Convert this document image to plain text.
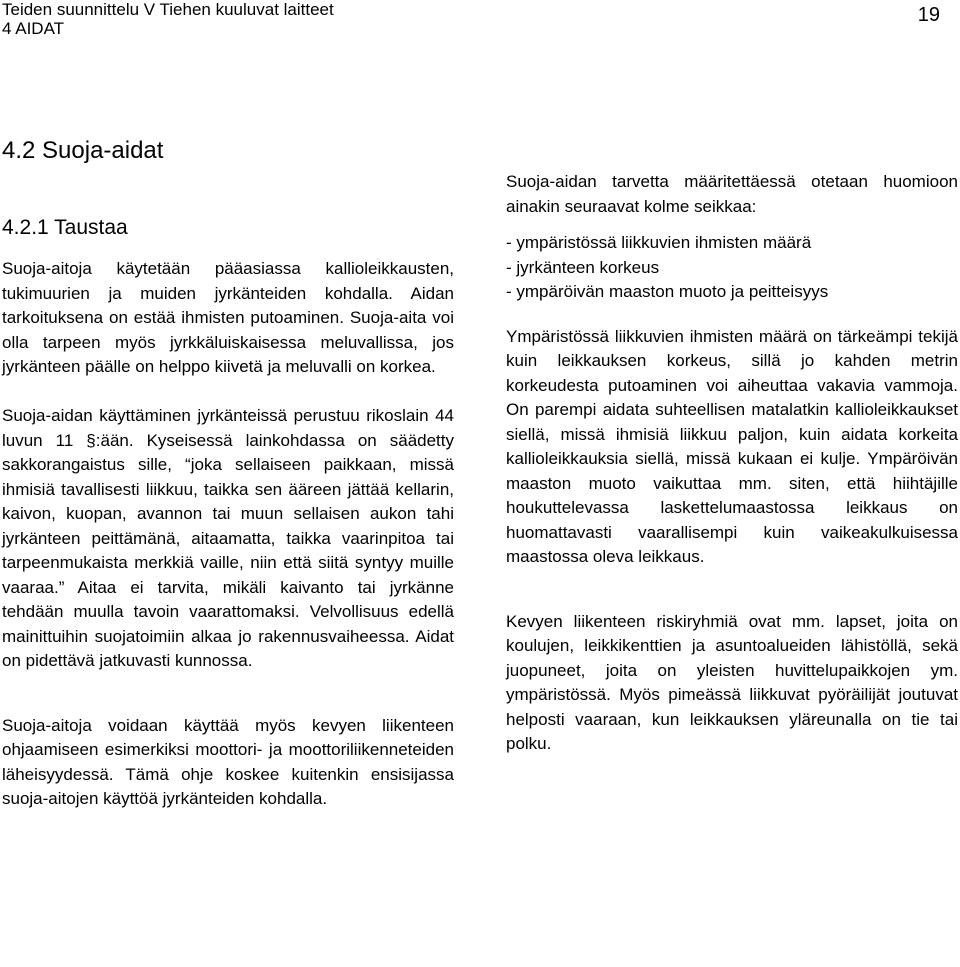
Teiden suunnittelu V Tiehen kuuluvat laitteet
4 AIDAT
19
4.2 Suoja-aidat
4.2.1 Taustaa

Suoja-aitoja käytetään pääasiassa kallioleikkausten, tukimuurien ja muiden jyrkänteiden kohdalla. Aidan tarkoituksena on estää ihmisten putoaminen. Suoja-aita voi olla tarpeen myös jyrkkäluiskaisessa meluvallissa, jos jyrkänteen päälle on helppo kiivetä ja meluvalli on korkea.

Suoja-aidan käyttäminen jyrkänteissä perustuu rikoslain 44 luvun 11 §:ään. Kyseisessä lainkohdassa on säädetty sakkorangaistus sille, “joka sellaiseen paikkaan, missä ihmisiä tavallisesti liikkuu, taikka sen ääreen jättää kellarin, kaivon, kuopan, avannon tai muun sellaisen aukon tahi jyrkänteen peittämänä, aitaamatta, taikka vaarinpitoa tai tarpeenmukaista merkkiä vaille, niin että siitä syntyy muille vaaraa.” Aitaa ei tarvita, mikäli kaivanto tai jyrkänne tehdään muulla tavoin vaarattomaksi. Velvollisuus edellä mainittuihin suojatoimiin alkaa jo rakennusvaiheessa. Aidat on pidettävä jatkuvasti kunnossa.

Suoja-aitoja voidaan käyttää myös kevyen liikenteen ohjaamiseen esimerkiksi moottori- ja moottoriliikenneteiden läheisyydessä. Tämä ohje koskee kuitenkin ensisijassa suoja-aitojen käyttöä jyrkänteiden kohdalla.

Suoja-aidan tarvetta määritettäessä otetaan huomioon ainakin seuraavat kolme seikkaa:

- ympäristössä liikkuvien ihmisten määrä
- jyrkänteen korkeus
- ympäröivän maaston muoto ja peitteisyys

Ympäristössä liikkuvien ihmisten määrä on tärkeämpi tekijä kuin leikkauksen korkeus, sillä jo kahden metrin korkeudesta putoaminen voi aiheuttaa vakavia vammoja. On parempi aidata suhteellisen matalatkin kallioleikkaukset siellä, missä ihmisiä liikkuu paljon, kuin aidata korkeita kallioleikkauksia siellä, missä kukaan ei kulje. Ympäröivän maaston muoto vaikuttaa mm. siten, että hiihtäjille houkuttelevassa laskettelumaastossa leikkaus on huomattavasti vaarallisempi kuin vaikeakulkuisessa maastossa oleva leikkaus.

Kevyen liikenteen riskiryhmiä ovat mm. lapset, joita on koulujen, leikkikenttien ja asuntoalueiden lähistöllä, sekä juopuneet, joita on yleisten huvittelupaikkojen ym. ympäristössä. Myös pimeässä liikkuvat pyöräilijät joutuvat helposti vaaraan, kun leikkauksen yläreunalla on tie tai polku.
